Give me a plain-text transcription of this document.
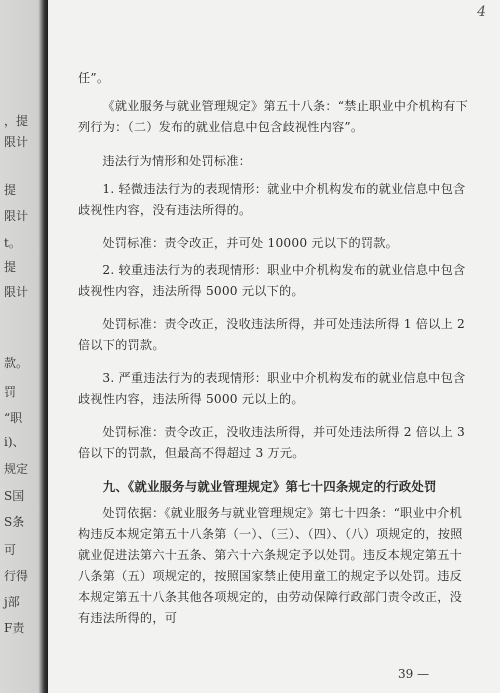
，提
限计
提
限计
t。
提
限计
款。
罚
“职
i)、
规定
S国
S条
可
行得
j部
F责
4

任”。

《就业服务与就业管理规定》第五十八条：“禁止职业中介机构有下列行为：（二）发布的就业信息中包含歧视性内容”。

违法行为情形和处罚标准：

1. 轻微违法行为的表现情形：就业中介机构发布的就业信息中包含歧视性内容，没有违法所得的。

处罚标准：责令改正，并可处 10000 元以下的罚款。

2. 较重违法行为的表现情形：职业中介机构发布的就业信息中包含歧视性内容，违法所得 5000 元以下的。

处罚标准：责令改正，没收违法所得，并可处违法所得 1 倍以上 2 倍以下的罚款。

3. 严重违法行为的表现情形：职业中介机构发布的就业信息中包含歧视性内容，违法所得 5000 元以上的。

处罚标准：责令改正，没收违法所得，并可处违法所得 2 倍以上 3 倍以下的罚款，但最高不得超过 3 万元。

九、《就业服务与就业管理规定》第七十四条规定的行政处罚

处罚依据：《就业服务与就业管理规定》第七十四条：“职业中介机构违反本规定第五十八条第（一）、（三）、（四）、（八）项规定的，按照就业促进法第六十五条、第六十六条规定予以处罚。违反本规定第五十八条第（五）项规定的，按照国家禁止使用童工的规定予以处罚。违反本规定第五十八条其他各项规定的，由劳动保障行政部门责令改正，没有违法所得的，可

39 —
